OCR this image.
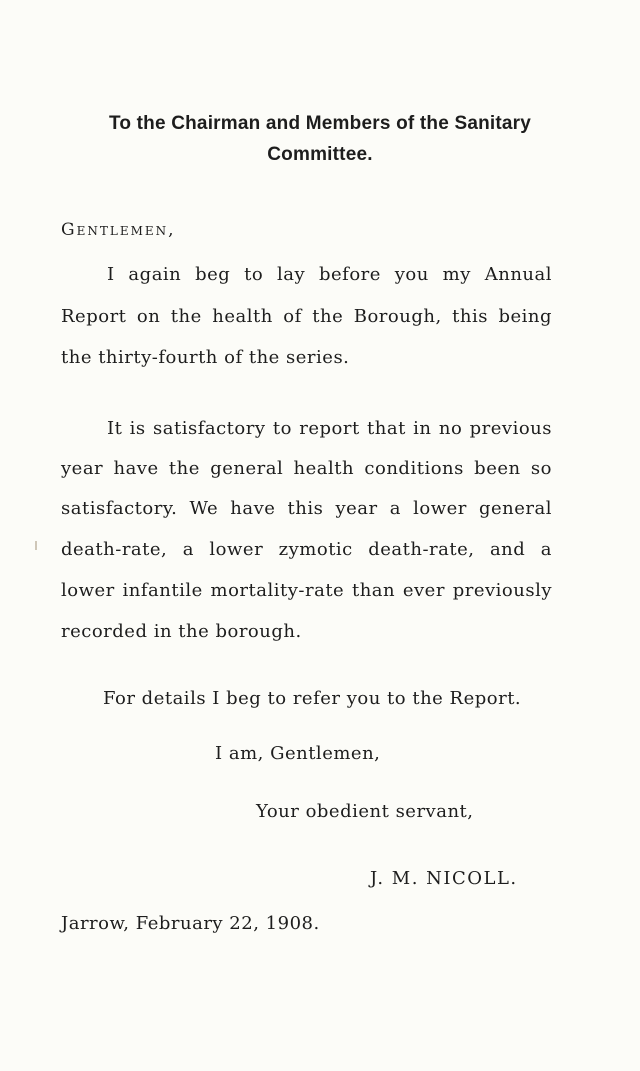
To the Chairman and Members of the Sanitary
Committee.
Gentlemen,
I again beg to lay before you my Annual
Report on the health of the Borough, this being
the thirty-fourth of the series.
It is satisfactory to report that in no previous
year have the general health conditions been so
satisfactory. We have this year a lower general
death-rate, a lower zymotic death-rate, and a
lower infantile mortality-rate than ever previously
recorded in the borough.
For details I beg to refer you to the Report.
I am, Gentlemen,
Your obedient servant,
J. M. NICOLL.
Jarrow, February 22, 1908.
